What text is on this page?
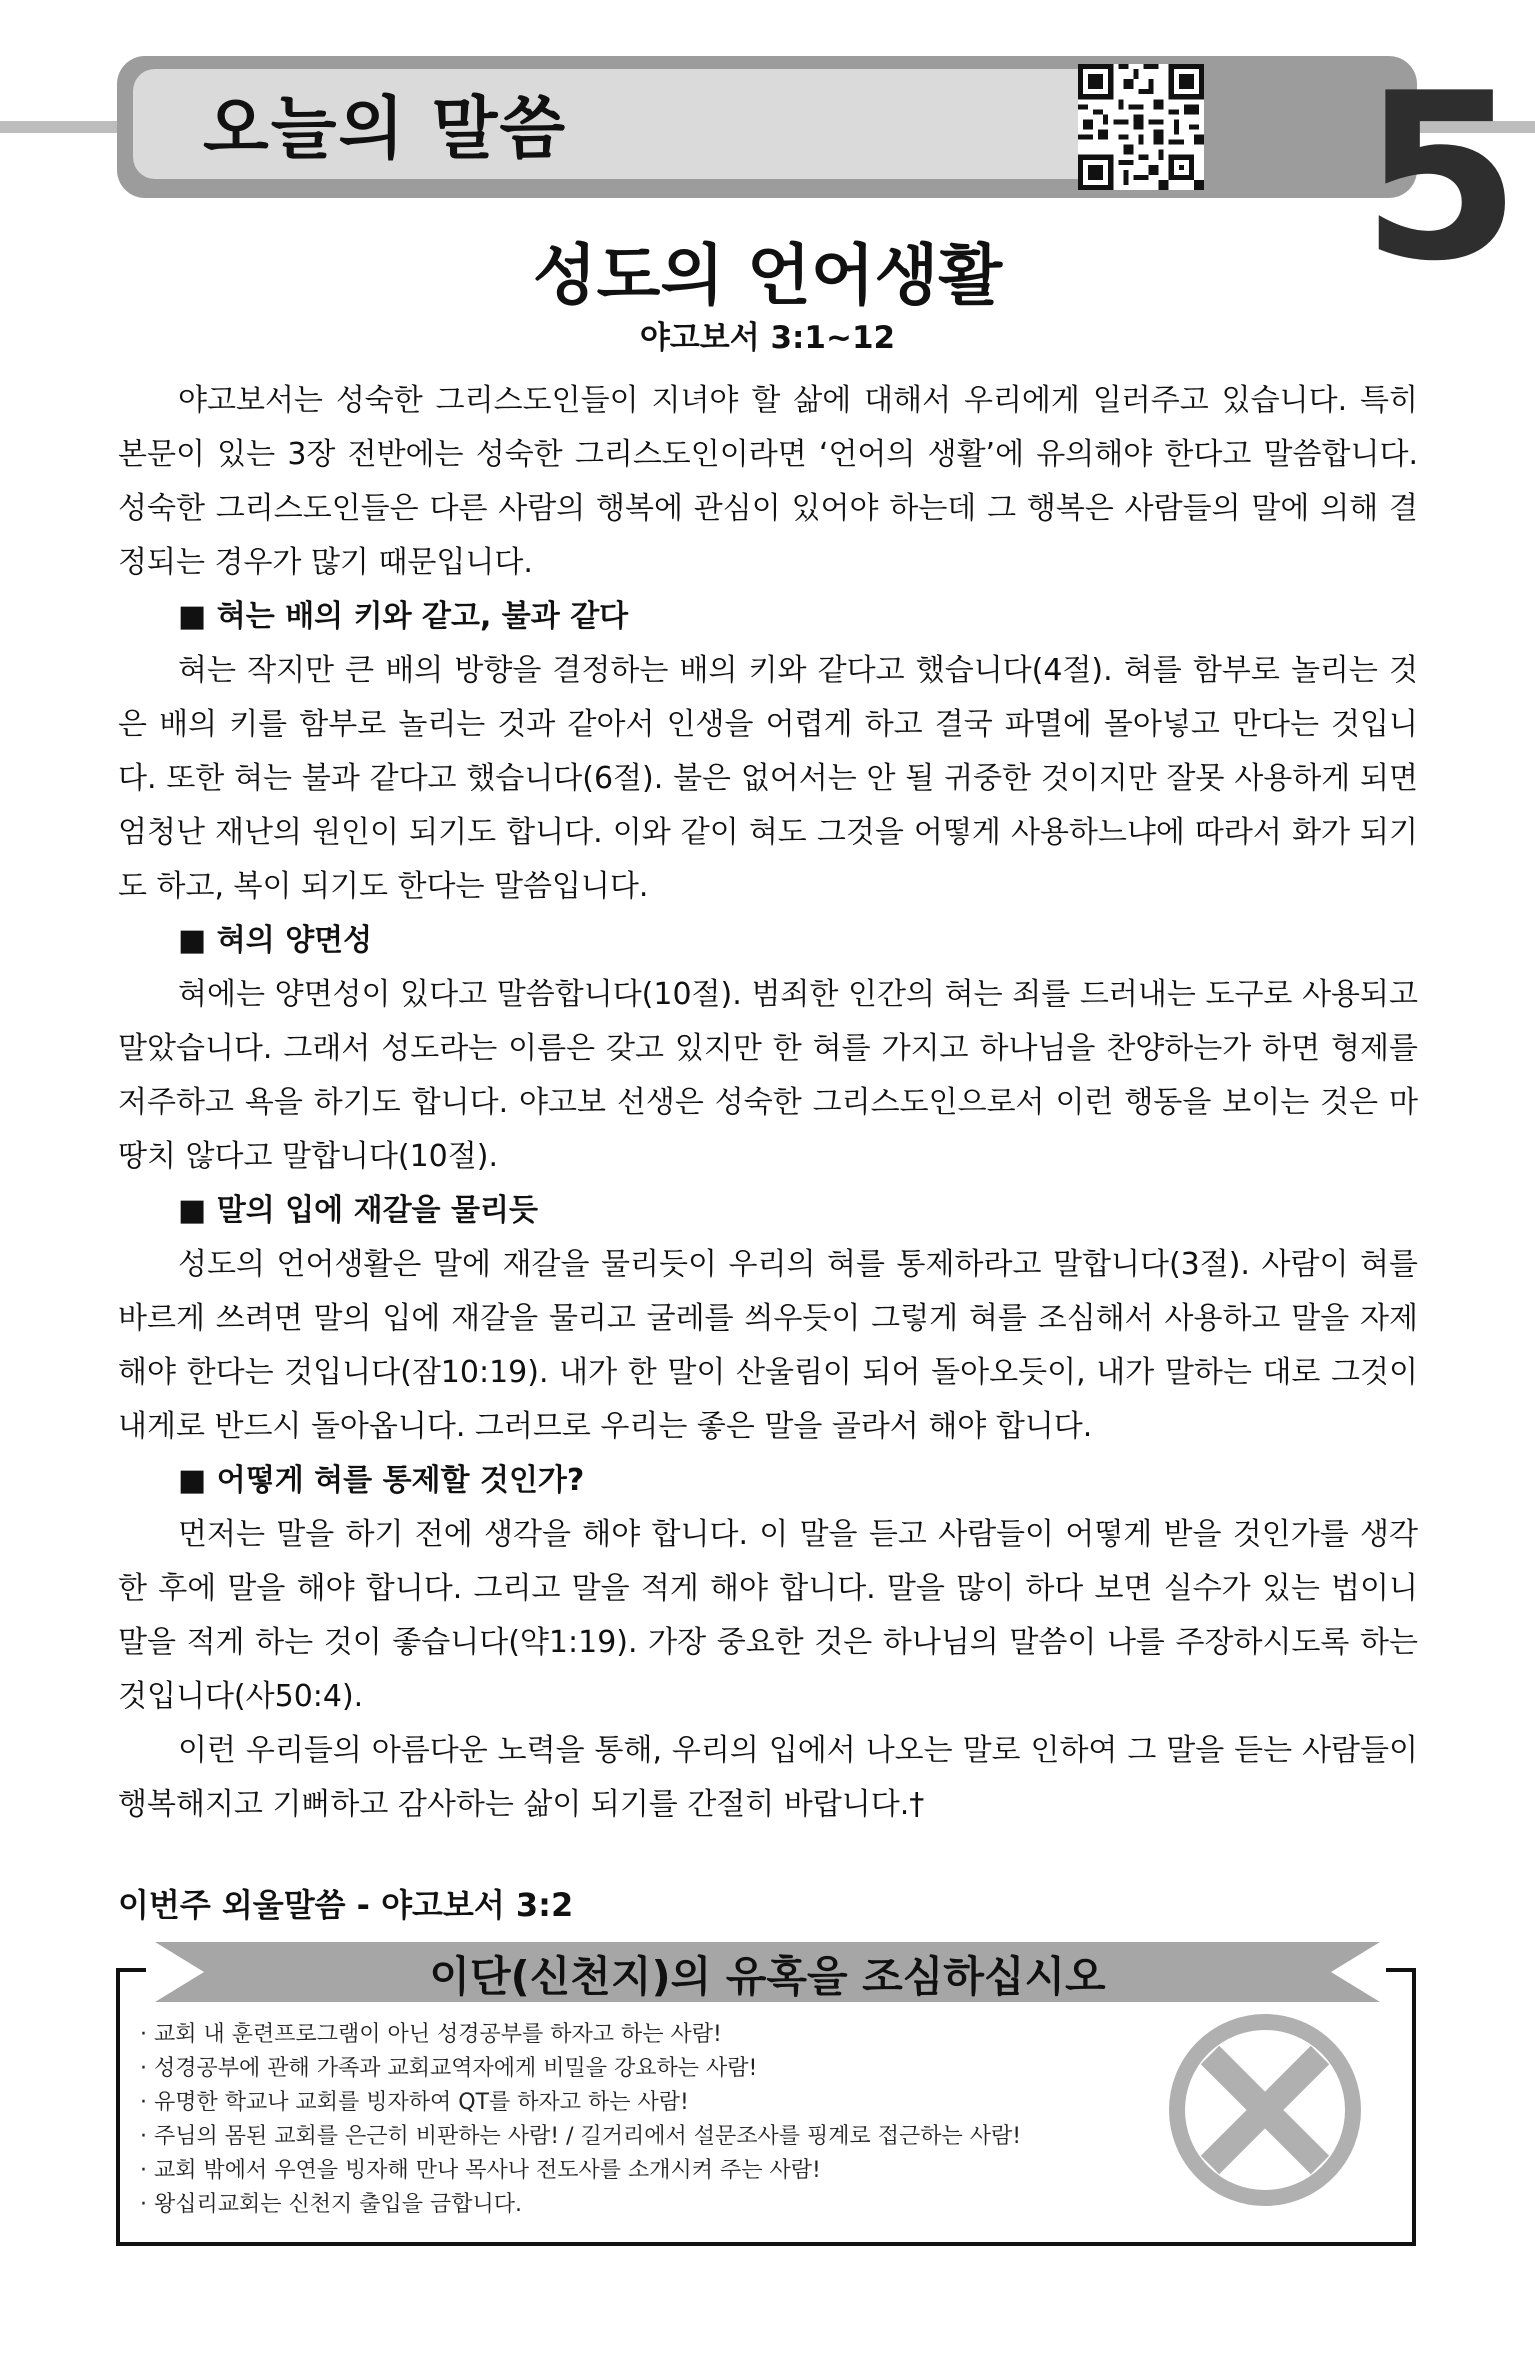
오늘의 말씀	5
성도의 언어생활
야고보서 3:1~12

야고보서는 성숙한 그리스도인들이 지녀야 할 삶에 대해서 우리에게 일러주고 있습니다. 특히 본문이 있는 3장 전반에는 성숙한 그리스도인이라면 ‘언어의 생활’에 유의해야 한다고 말씀합니다. 성숙한 그리스도인들은 다른 사람의 행복에 관심이 있어야 하는데 그 행복은 사람들의 말에 의해 결정되는 경우가 많기 때문입니다.

■ 혀는 배의 키와 같고, 불과 같다

혀는 작지만 큰 배의 방향을 결정하는 배의 키와 같다고 했습니다(4절). 혀를 함부로 놀리는 것은 배의 키를 함부로 놀리는 것과 같아서 인생을 어렵게 하고 결국 파멸에 몰아넣고 만다는 것입니다. 또한 혀는 불과 같다고 했습니다(6절). 불은 없어서는 안 될 귀중한 것이지만 잘못 사용하게 되면 엄청난 재난의 원인이 되기도 합니다. 이와 같이 혀도 그것을 어떻게 사용하느냐에 따라서 화가 되기도 하고, 복이 되기도 한다는 말씀입니다.

■ 혀의 양면성

혀에는 양면성이 있다고 말씀합니다(10절). 범죄한 인간의 혀는 죄를 드러내는 도구로 사용되고 말았습니다. 그래서 성도라는 이름은 갖고 있지만 한 혀를 가지고 하나님을 찬양하는가 하면 형제를 저주하고 욕을 하기도 합니다. 야고보 선생은 성숙한 그리스도인으로서 이런 행동을 보이는 것은 마땅치 않다고 말합니다(10절).

■ 말의 입에 재갈을 물리듯

성도의 언어생활은 말에 재갈을 물리듯이 우리의 혀를 통제하라고 말합니다(3절). 사람이 혀를 바르게 쓰려면 말의 입에 재갈을 물리고 굴레를 씌우듯이 그렇게 혀를 조심해서 사용하고 말을 자제해야 한다는 것입니다(잠10:19). 내가 한 말이 산울림이 되어 돌아오듯이, 내가 말하는 대로 그것이 내게로 반드시 돌아옵니다. 그러므로 우리는 좋은 말을 골라서 해야 합니다.

■ 어떻게 혀를 통제할 것인가?

먼저는 말을 하기 전에 생각을 해야 합니다. 이 말을 듣고 사람들이 어떻게 받을 것인가를 생각한 후에 말을 해야 합니다. 그리고 말을 적게 해야 합니다. 말을 많이 하다 보면 실수가 있는 법이니 말을 적게 하는 것이 좋습니다(약1:19). 가장 중요한 것은 하나님의 말씀이 나를 주장하시도록 하는 것입니다(사50:4).

이런 우리들의 아름다운 노력을 통해, 우리의 입에서 나오는 말로 인하여 그 말을 듣는 사람들이 행복해지고 기뻐하고 감사하는 삶이 되기를 간절히 바랍니다.†

이번주 외울말씀 - 야고보서 3:2
이단(신천지)의 유혹을 조심하십시오
· 교회 내 훈련프로그램이 아닌 성경공부를 하자고 하는 사람!
· 성경공부에 관해 가족과 교회교역자에게 비밀을 강요하는 사람!
· 유명한 학교나 교회를 빙자하여 QT를 하자고 하는 사람!
· 주님의 몸된 교회를 은근히 비판하는 사람! / 길거리에서 설문조사를 핑계로 접근하는 사람!
· 교회 밖에서 우연을 빙자해 만나 목사나 전도사를 소개시켜 주는 사람!
· 왕십리교회는 신천지 출입을 금합니다.
